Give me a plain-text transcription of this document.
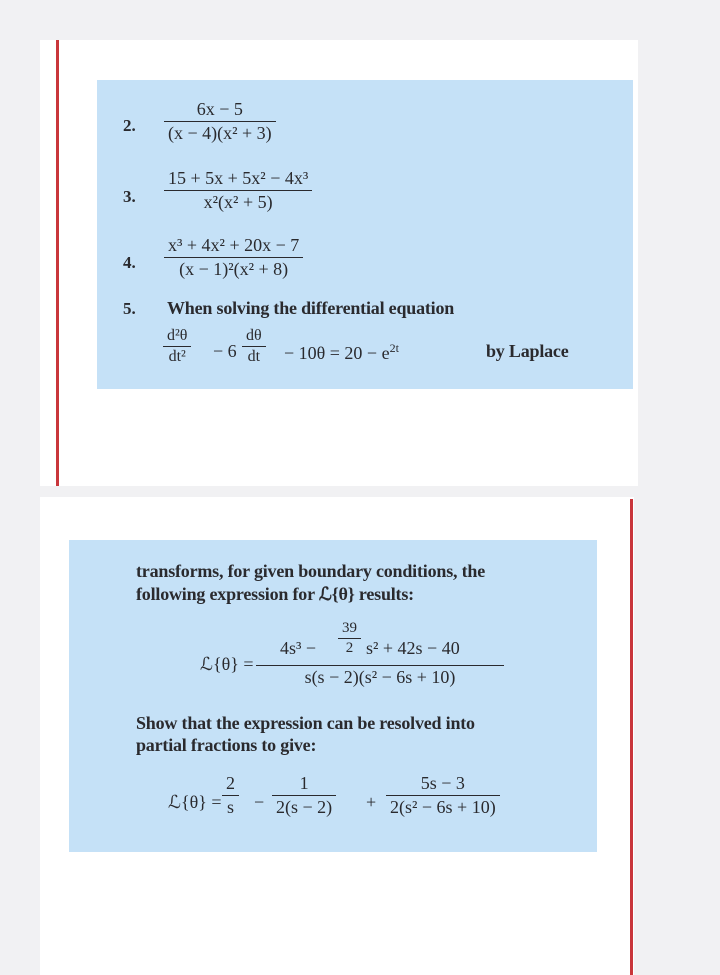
2.
6x − 5
(x − 4)(x² + 3)
3.
15 + 5x + 5x² − 4x³
x²(x² + 5)
4.
x³ + 4x² + 20x − 7
(x − 1)²(x² + 8)
5. When solving the differential equation
d²θ
dt² − 6
dθ
dt − $10\theta = 20 - e^{2t}$	by Laplace
transforms, for given boundary conditions, the
following expression for ℒ{θ} results:
ℒ{θ} =
4s³ −
39
2 s² + 42s − 40
s(s − 2)(s² − 6s + 10)
Show that the expression can be resolved into
partial fractions to give:
ℒ{θ} =
2
s −
1
2(s − 2) +
5s − 3
2(s² − 6s + 10)
